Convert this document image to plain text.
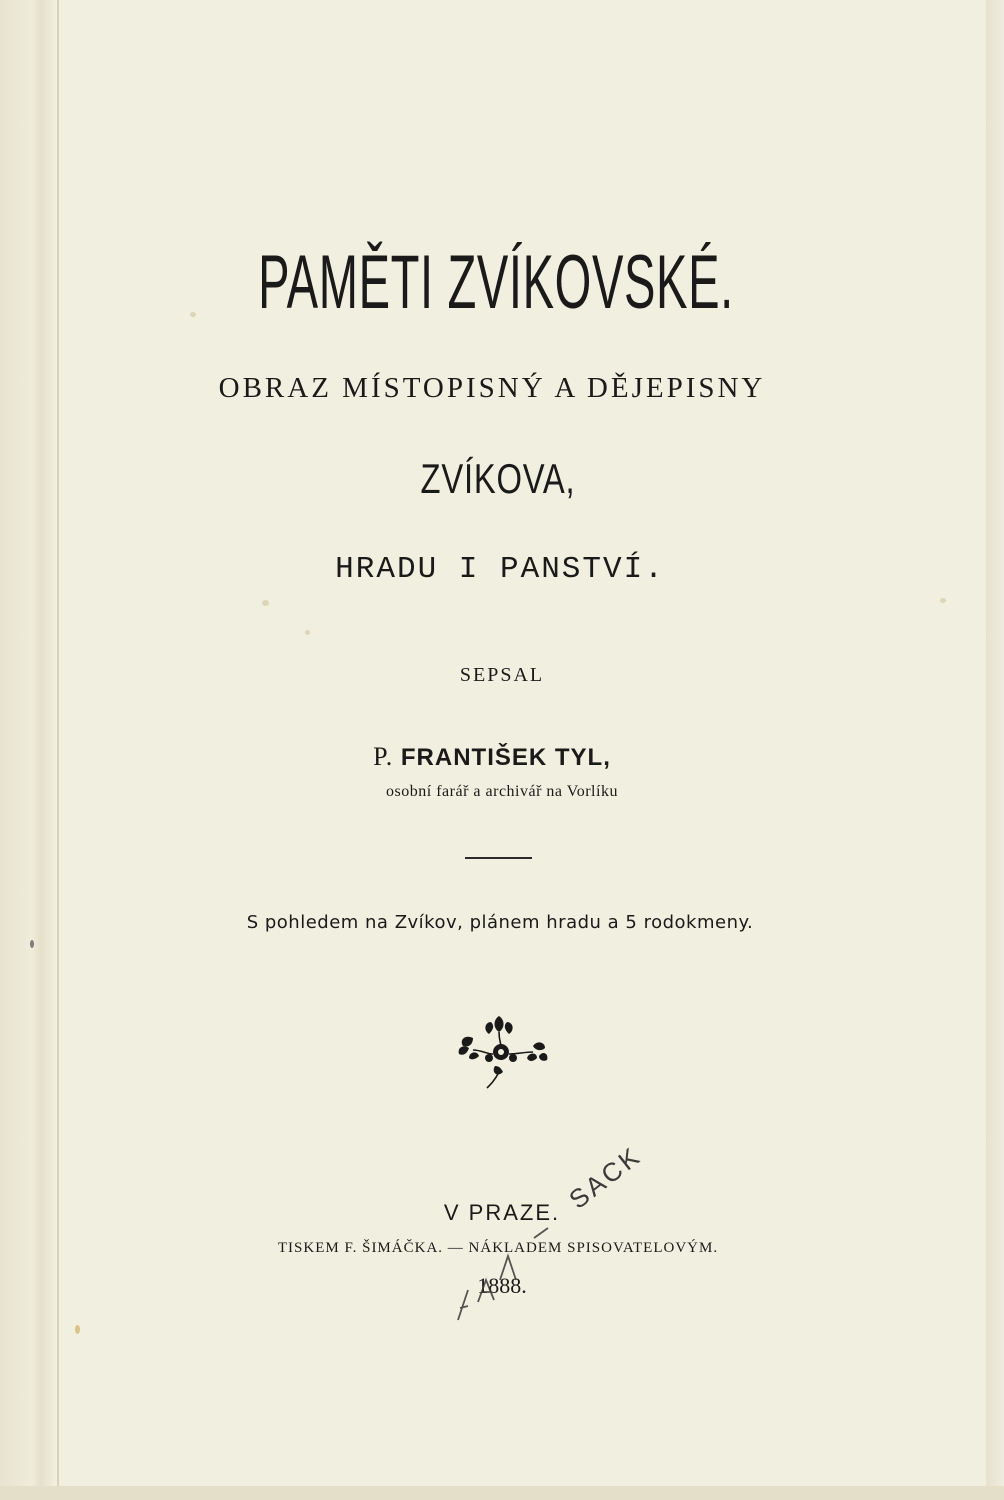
PAMĚTI ZVÍKOVSKÉ.
OBRAZ MÍSTOPISNÝ A DĚJEPISNY
ZVÍKOVA,
HRADU I PANSTVÍ.
SEPSAL
P. FRANTIŠEK TYL,
osobní farář a archivář na Vorlíku
S pohledem na Zvíkov, plánem hradu a 5 rodokmeny.
V PRAZE.
TISKEM F. ŠIMÁČKA. — NÁKLADEM SPISOVATELOVÝM.
1888.
SACK
